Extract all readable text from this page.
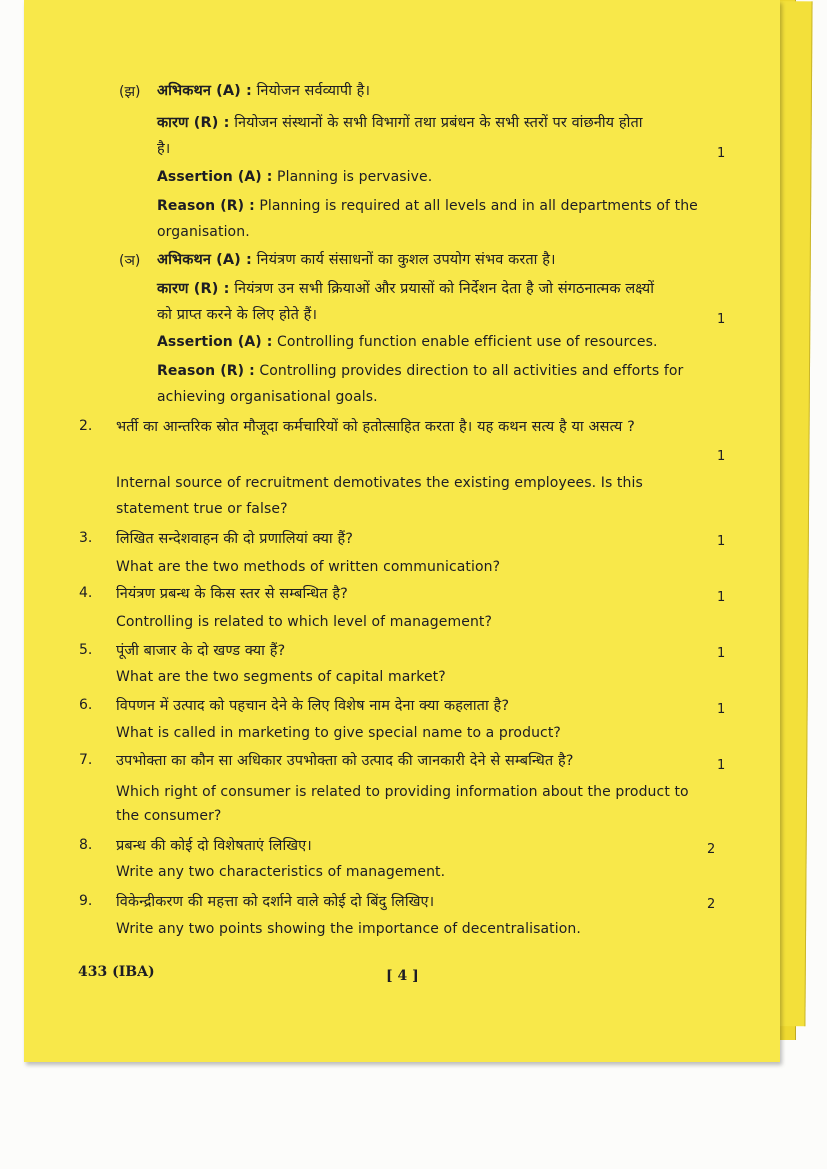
(झ) अभिकथन (A) : नियोजन सर्वव्यापी है।
कारण (R) : नियोजन संस्थानों के सभी विभागों तथा प्रबंधन के सभी स्तरों पर वांछनीय होता
है।	1
Assertion (A) : Planning is pervasive.
Reason (R) : Planning is required at all levels and in all departments of the
organisation.
(ञ) अभिकथन (A) : नियंत्रण कार्य संसाधनों का कुशल उपयोग संभव करता है।
कारण (R) : नियंत्रण उन सभी क्रियाओं और प्रयासों को निर्देशन देता है जो संगठनात्मक लक्ष्यों
को प्राप्त करने के लिए होते हैं।	1
Assertion (A) : Controlling function enable efficient use of resources.
Reason (R) : Controlling provides direction to all activities and efforts for
achieving organisational goals.
2. भर्ती का आन्तरिक स्रोत मौजूदा कर्मचारियों को हतोत्साहित करता है। यह कथन सत्य है या असत्य ?
1
Internal source of recruitment demotivates the existing employees. Is this
statement true or false?
3. लिखित सन्देशवाहन की दो प्रणालियां क्या हैं?	1
What are the two methods of written communication?
4. नियंत्रण प्रबन्ध के किस स्तर से सम्बन्धित है?	1
Controlling is related to which level of management?
5. पूंजी बाजार के दो खण्ड क्या हैं?	1
What are the two segments of capital market?
6. विपणन में उत्पाद को पहचान देने के लिए विशेष नाम देना क्या कहलाता है?	1
What is called in marketing to give special name to a product?
7. उपभोक्ता का कौन सा अधिकार उपभोक्ता को उत्पाद की जानकारी देने से सम्बन्धित है?	1
Which right of consumer is related to providing information about the product to
the consumer?
8. प्रबन्ध की कोई दो विशेषताएं लिखिए।	2
Write any two characteristics of management.
9. विकेन्द्रीकरण की महत्ता को दर्शाने वाले कोई दो बिंदु लिखिए।	2
Write any two points showing the importance of decentralisation.
433 (IBA)	[ 4 ]
